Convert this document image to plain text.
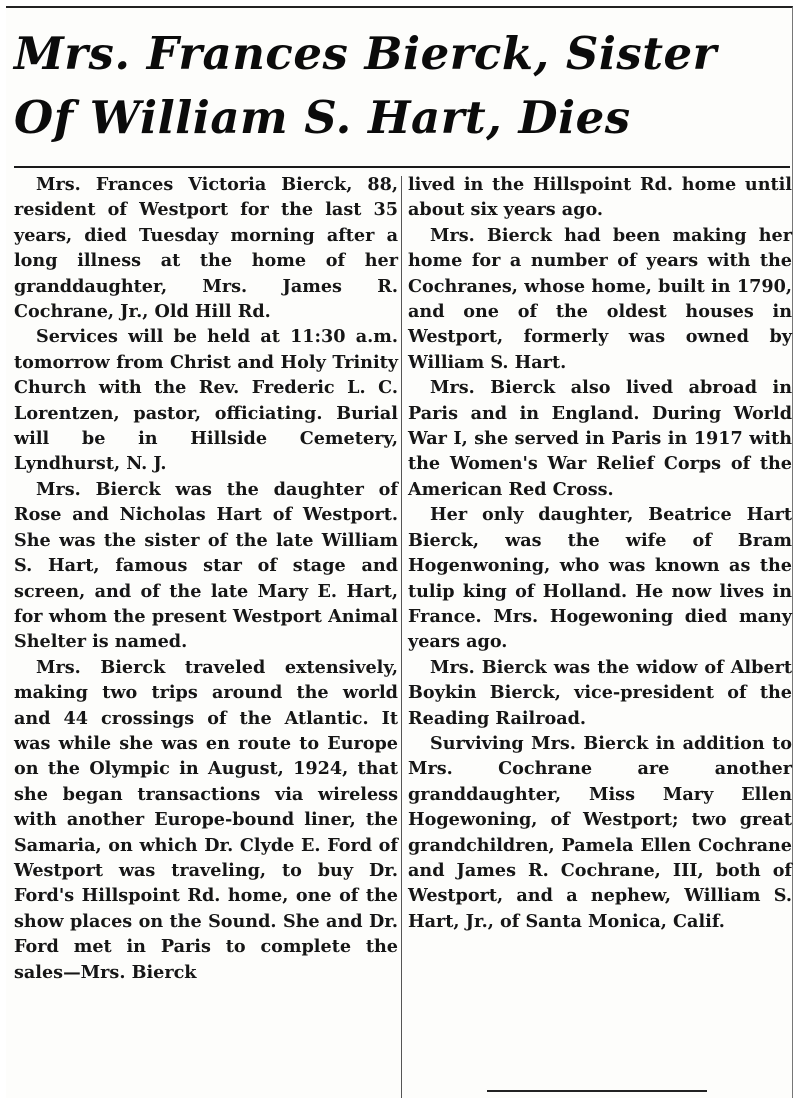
Mrs. Frances Bierck, Sister Of William S. Hart, Dies

Mrs. Frances Victoria Bierck, 88, resident of Westport for the last 35 years, died Tuesday morning after a long illness at the home of her granddaughter, Mrs. James R. Cochrane, Jr., Old Hill Rd.

Services will be held at 11:30 a.m. tomorrow from Christ and Holy Trinity Church with the Rev. Frederic L. C. Lorentzen, pastor, officiating. Burial will be in Hillside Cemetery, Lyndhurst, N. J.

Mrs. Bierck was the daughter of Rose and Nicholas Hart of Westport. She was the sister of the late William S. Hart, famous star of stage and screen, and of the late Mary E. Hart, for whom the present Westport Animal Shelter is named.

Mrs. Bierck traveled extensively, making two trips around the world and 44 crossings of the Atlantic. It was while she was en route to Europe on the Olympic in August, 1924, that she began transactions via wireless with another Europe-bound liner, the Samaria, on which Dr. Clyde E. Ford of Westport was traveling, to buy Dr. Ford's Hillspoint Rd. home, one of the show places on the Sound. She and Dr. Ford met in Paris to complete the sales—Mrs. Bierck

lived in the Hillspoint Rd. home until about six years ago.

Mrs. Bierck had been making her home for a number of years with the Cochranes, whose home, built in 1790, and one of the oldest houses in Westport, formerly was owned by William S. Hart.

Mrs. Bierck also lived abroad in Paris and in England. During World War I, she served in Paris in 1917 with the Women's War Relief Corps of the American Red Cross.

Her only daughter, Beatrice Hart Bierck, was the wife of Bram Hogenwoning, who was known as the tulip king of Holland. He now lives in France. Mrs. Hogewoning died many years ago.

Mrs. Bierck was the widow of Albert Boykin Bierck, vice-president of the Reading Railroad.

Surviving Mrs. Bierck in addition to Mrs. Cochrane are another granddaughter, Miss Mary Ellen Hogewoning, of Westport; two great grandchildren, Pamela Ellen Cochrane and James R. Cochrane, III, both of Westport, and a nephew, William S. Hart, Jr., of Santa Monica, Calif.
